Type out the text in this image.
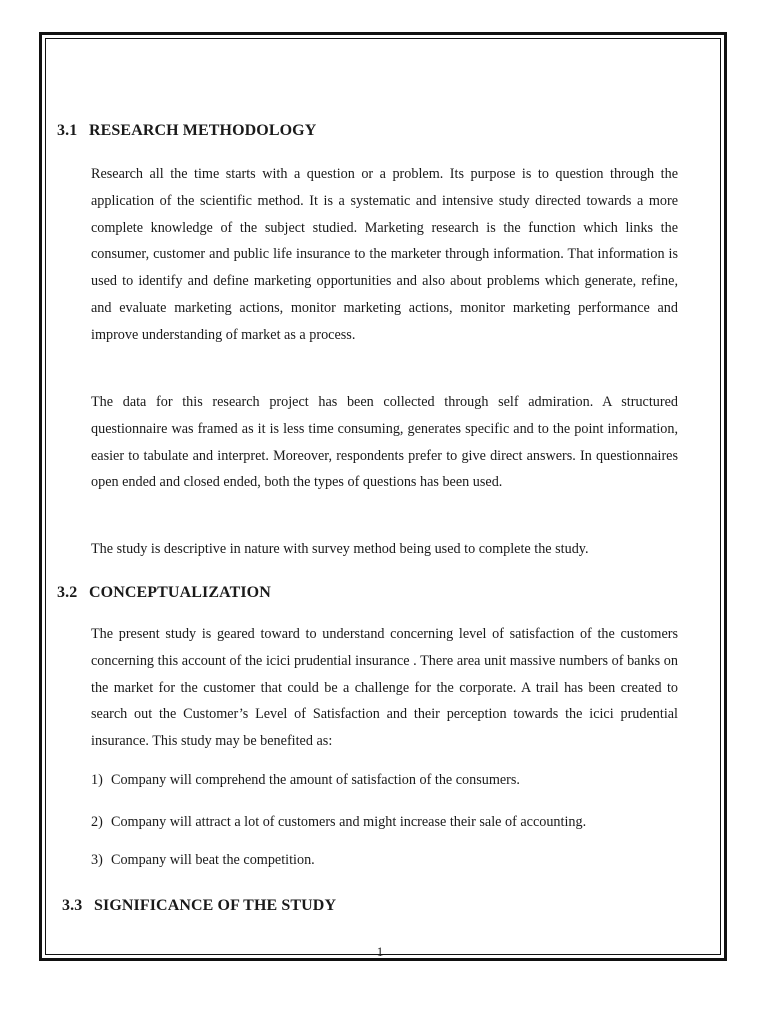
3.1 RESEARCH METHODOLOGY

Research all the time starts with a question or a problem. Its purpose is to question through the application of the scientific method. It is a systematic and intensive study directed towards a more complete knowledge of the subject studied. Marketing research is the function which links the consumer, customer and public life insurance to the marketer through information. That information is used to identify and define marketing opportunities and also about problems which generate, refine, and evaluate marketing actions, monitor marketing actions, monitor marketing performance and improve understanding of market as a process.

The data for this research project has been collected through self admiration. A structured questionnaire was framed as it is less time consuming, generates specific and to the point information, easier to tabulate and interpret. Moreover, respondents prefer to give direct answers. In questionnaires open ended and closed ended, both the types of questions has been used.

The study is descriptive in nature with survey method being used to complete the study.

3.2 CONCEPTUALIZATION

The present study is geared toward to understand concerning level of satisfaction of the customers concerning this account of the icici prudential insurance . There area unit massive numbers of banks on the market for the customer that could be a challenge for the corporate. A trail has been created to search out the Customer’s Level of Satisfaction and their perception towards the icici prudential insurance. This study may be benefited as:

1) Company will comprehend the amount of satisfaction of the consumers.
2) Company will attract a lot of customers and might increase their sale of accounting.
3) Company will beat the competition.
3.3 SIGNIFICANCE OF THE STUDY
1
